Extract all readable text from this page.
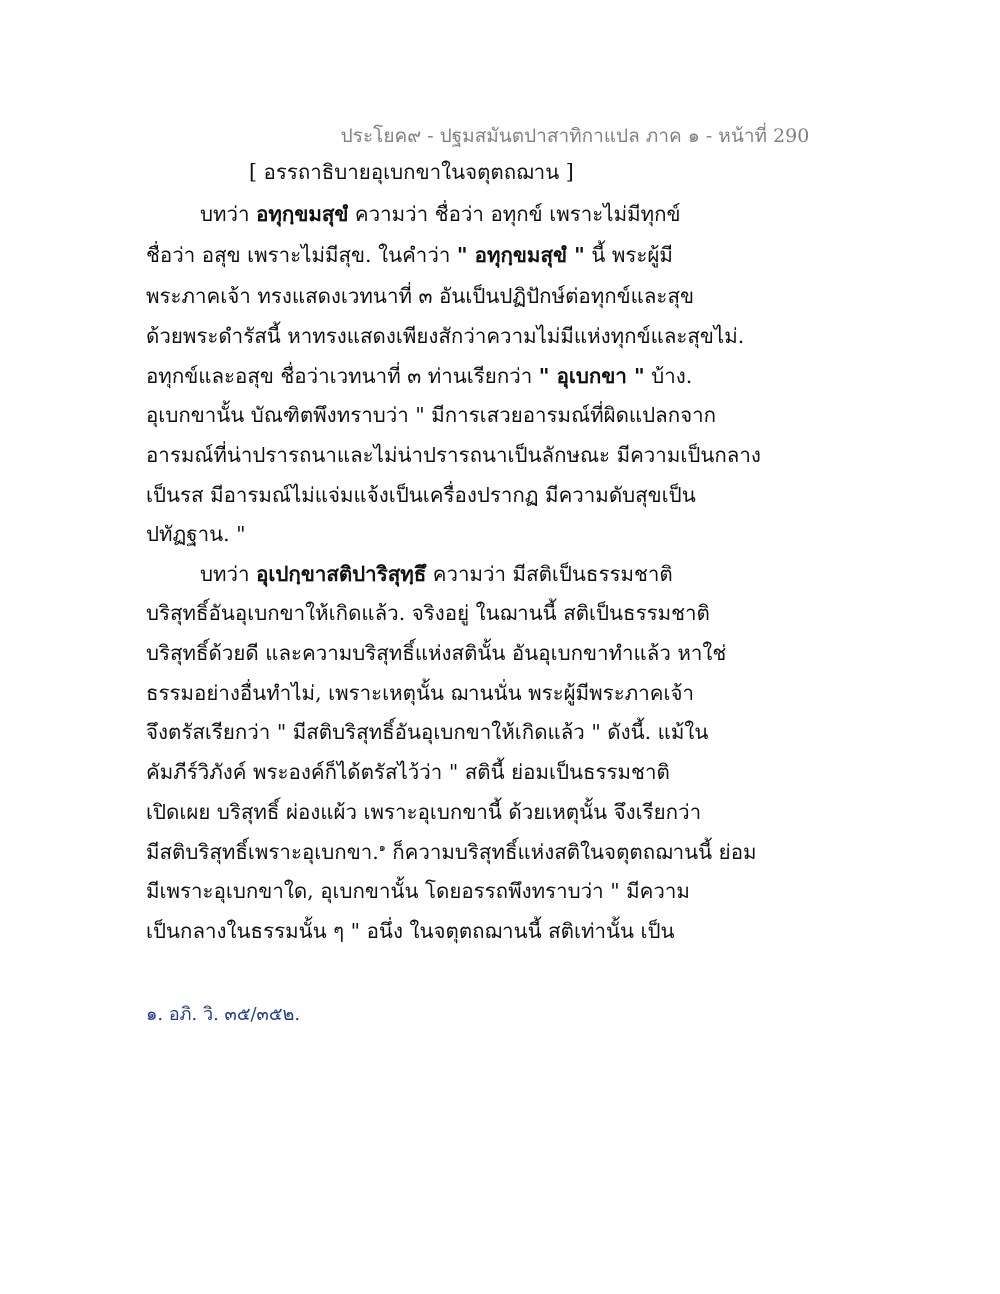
ประโยค๙ - ปฐมสมันตปาสาทิกาแปล ภาค ๑ - หน้าที่ 290
[ อรรถาธิบายอุเบกขาในจตุตถฌาน ]
บทว่า อทุกฺขมสุขํ ความว่า ชื่อว่า อทุกข์ เพราะไม่มีทุกข์
ชื่อว่า อสุข เพราะไม่มีสุข. ในคำว่า " อทุกฺขมสุขํ " นี้ พระผู้มี
พระภาคเจ้า ทรงแสดงเวทนาที่ ๓ อันเป็นปฏิปักษ์ต่อทุกข์และสุข
ด้วยพระดำรัสนี้ หาทรงแสดงเพียงสักว่าความไม่มีแห่งทุกข์และสุขไม่.
อทุกข์และอสุข ชื่อว่าเวทนาที่ ๓ ท่านเรียกว่า " อุเบกขา " บ้าง.
อุเบกขานั้น บัณฑิตพึงทราบว่า " มีการเสวยอารมณ์ที่ผิดแปลกจาก
อารมณ์ที่น่าปรารถนาและไม่น่าปรารถนาเป็นลักษณะ มีความเป็นกลาง
เป็นรส มีอารมณ์ไม่แจ่มแจ้งเป็นเครื่องปรากฏ มีความดับสุขเป็น
ปทัฏฐาน. "
บทว่า อุเปกฺขาสติปาริสุทฺธึ ความว่า มีสติเป็นธรรมชาติ
บริสุทธิ์อันอุเบกขาให้เกิดแล้ว. จริงอยู่ ในฌานนี้ สติเป็นธรรมชาติ
บริสุทธิ์ด้วยดี และความบริสุทธิ์แห่งสตินั้น อันอุเบกขาทำแล้ว หาใช่
ธรรมอย่างอื่นทำไม่, เพราะเหตุนั้น ฌานนั่น พระผู้มีพระภาคเจ้า
จึงตรัสเรียกว่า " มีสติบริสุทธิ์อันอุเบกขาให้เกิดแล้ว " ดังนี้. แม้ใน
คัมภีร์วิภังค์ พระองค์ก็ได้ตรัสไว้ว่า " สตินี้ ย่อมเป็นธรรมชาติ
เปิดเผย บริสุทธิ์ ผ่องแผ้ว เพราะอุเบกขานี้ ด้วยเหตุนั้น จึงเรียกว่า
มีสติบริสุทธิ์เพราะอุเบกขา.$^๑$ ก็ความบริสุทธิ์แห่งสติในจตุตถฌานนี้ ย่อม
มีเพราะอุเบกขาใด, อุเบกขานั้น โดยอรรถพึงทราบว่า " มีความ
เป็นกลางในธรรมนั้น ๆ " อนึ่ง ในจตุตถฌานนี้ สติเท่านั้น เป็น
๑. อภิ. วิ. ๓๕/๓๕๒.
